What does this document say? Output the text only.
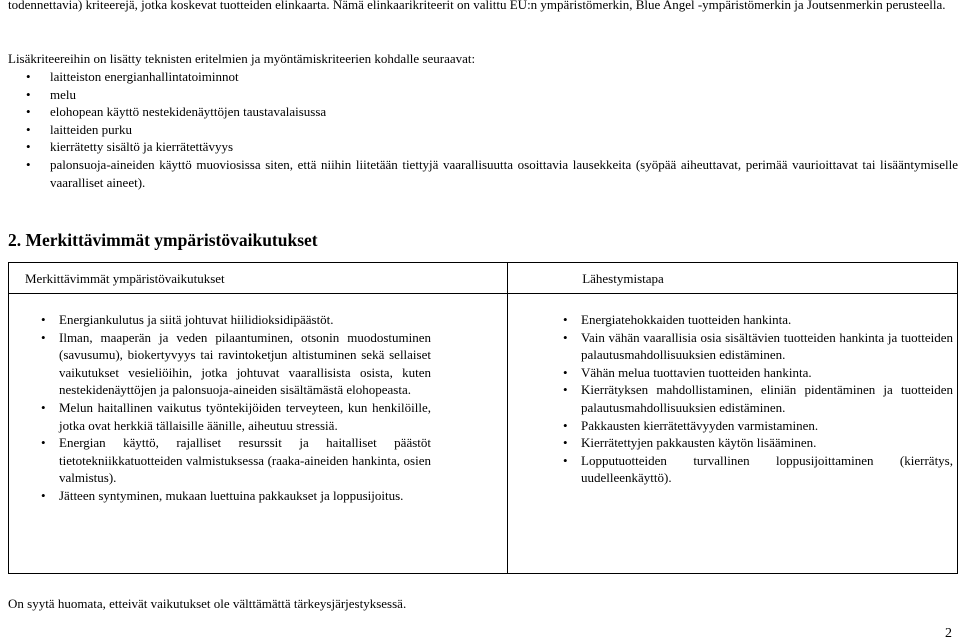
todennettavia) kriteerejä, jotka koskevat tuotteiden elinkaarta. Nämä elinkaarikriteerit on valittu EU:n ympäristömerkin, Blue Angel -ympäristömerkin ja Joutsenmerkin perusteella.

Lisäkriteereihin on lisätty teknisten eritelmien ja myöntämiskriteerien kohdalle seuraavat:

• laitteiston energianhallintatoiminnot
• melu
• elohopean käyttö nestekidenäyttöjen taustavalaisussa
• laitteiden purku
• kierrätetty sisältö ja kierrätettävyys
• palonsuoja-aineiden käyttö muoviosissa siten, että niihin liitetään tiettyjä vaarallisuutta osoittavia lausekkeita (syöpää aiheuttavat, perimää vaurioittavat tai lisääntymiselle vaaralliset aineet).
2. Merkittävimmät ympäristövaikutukset
Merkittävimmät ympäristövaikutukset	Lähestymistapa
• Energiankulutus ja siitä johtuvat hiilidioksidipäästöt.
• Ilman, maaperän ja veden pilaantuminen, otsonin muodostuminen (savusumu), biokertyvyys tai ravintoketjun altistuminen sekä sellaiset vaikutukset vesieliöihin, jotka johtuvat vaarallisista osista, kuten nestekidenäyttöjen ja palonsuoja-aineiden sisältämästä elohopeasta.
• Melun haitallinen vaikutus työntekijöiden terveyteen, kun henkilöille, jotka ovat herkkiä tällaisille äänille, aiheutuu stressiä.
• Energian käyttö, rajalliset resurssit ja haitalliset päästöt tietotekniikkatuotteiden valmistuksessa (raaka-aineiden hankinta, osien valmistus).
• Jätteen syntyminen, mukaan luettuina pakkaukset ja loppusijoitus.
• Energiatehokkaiden tuotteiden hankinta.
• Vain vähän vaarallisia osia sisältävien tuotteiden hankinta ja tuotteiden palautusmahdollisuuksien edistäminen.
• Vähän melua tuottavien tuotteiden hankinta.
• Kierrätyksen mahdollistaminen, eliniän pidentäminen ja tuotteiden palautusmahdollisuuksien edistäminen.
• Pakkausten kierrätettävyyden varmistaminen.
• Kierrätettyjen pakkausten käytön lisääminen.
• Lopputuotteiden turvallinen loppusijoittaminen (kierrätys, uudelleenkäyttö).

On syytä huomata, etteivät vaikutukset ole välttämättä tärkeysjärjestyksessä.

2
